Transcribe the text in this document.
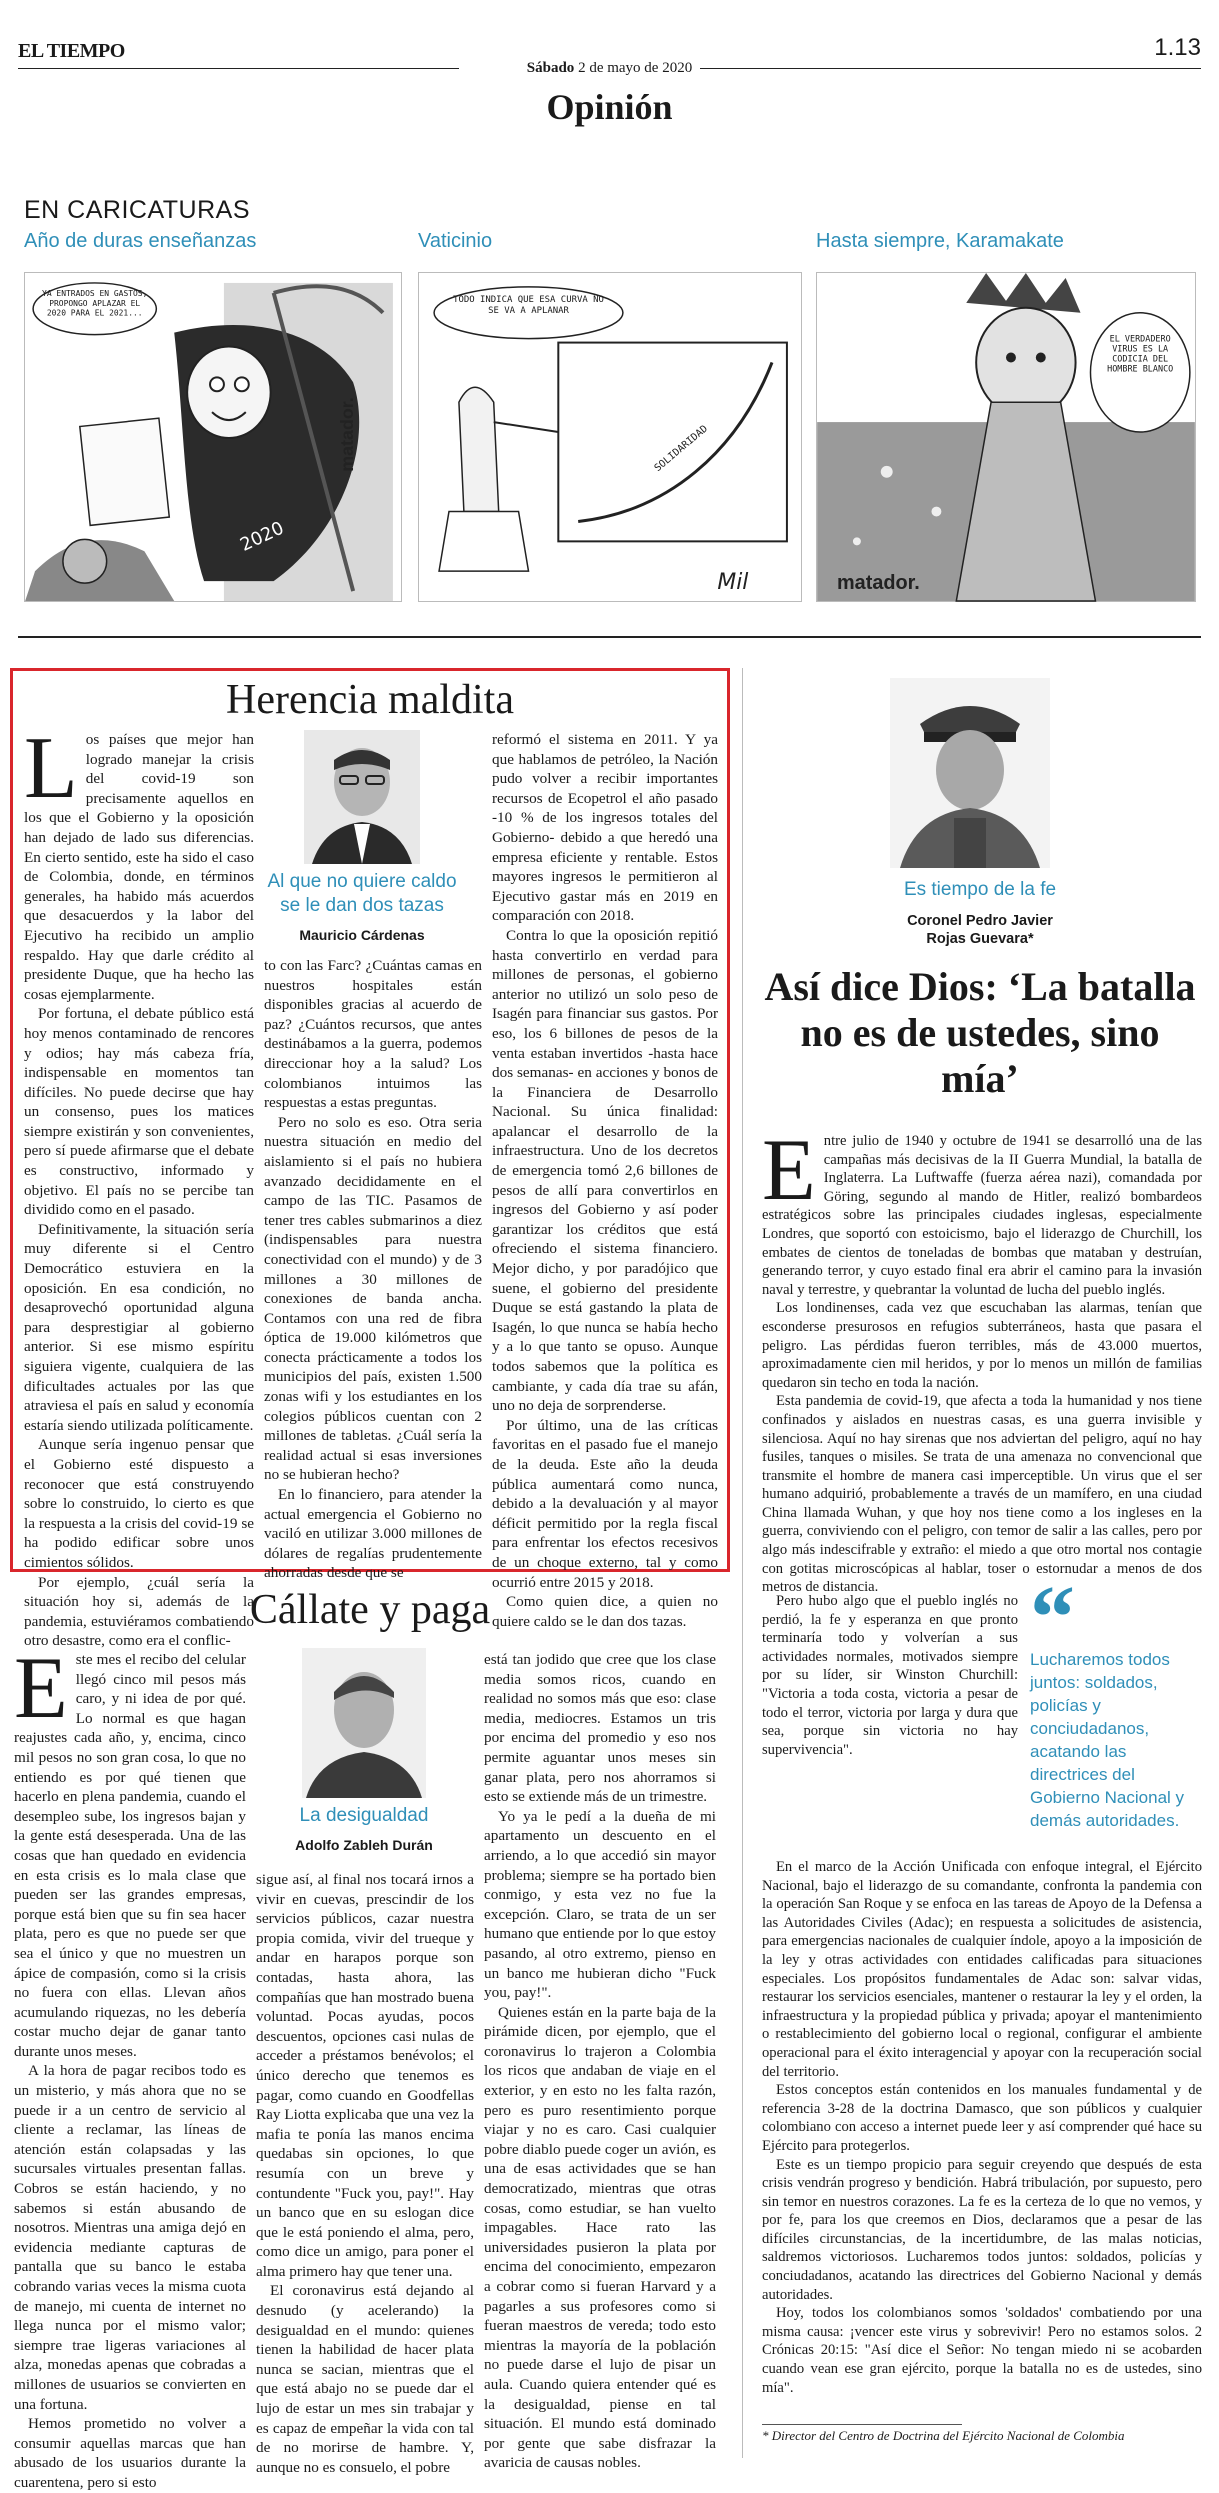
EL TIEMPO
Sábado 2 de mayo de 2020
1.13
Opinión
EN CARICATURAS
Año de duras enseñanzas	Vaticinio	Hasta siempre, Karamakate
YA ENTRADOS EN GASTOS, PROPONGO APLAZAR EL 2020 PARA EL 2021...
2020
matador.
TODO INDICA QUE ESA CURVA NO SE VA A APLANAR
SOLIDARIDAD
Mil
EL VERDADERO VIRUS ES LA CODICIA DEL HOMBRE BLANCO
matador.
Herencia maldita

Los países que mejor han logrado manejar la crisis del covid-19 son precisamente aquellos en los que el Gobierno y la oposición han dejado de lado sus diferencias. En cierto sentido, este ha sido el caso de Colombia, donde, en términos generales, ha habido más acuerdos que desacuerdos y la labor del Ejecutivo ha recibido un amplio respaldo. Hay que darle crédito al presidente Duque, que ha hecho las cosas ejemplarmente.

Por fortuna, el debate público está hoy menos contaminado de rencores y odios; hay más cabeza fría, indispensable en momentos tan difíciles. No puede decirse que hay un consenso, pues los matices siempre existirán y son convenientes, pero sí puede afirmarse que el debate es constructivo, informado y objetivo. El país no se percibe tan dividido como en el pasado.

Definitivamente, la situación sería muy diferente si el Centro Democrático estuviera en la oposición. En esa condición, no desaprovechó oportunidad alguna para desprestigiar al gobierno anterior. Si ese mismo espíritu siguiera vigente, cualquiera de las dificultades actuales por las que atraviesa el país en salud y economía estaría siendo utilizada políticamente.

Aunque sería ingenuo pensar que el Gobierno esté dispuesto a reconocer que está construyendo sobre lo construido, lo cierto es que la respuesta a la crisis del covid-19 se ha podido edificar sobre unos cimientos sólidos.

Por ejemplo, ¿cuál sería la situación hoy si, además de la pandemia, estuviéramos combatiendo otro desastre, como era el conflic-

Al que no quiere caldo se le dan dos tazas
Mauricio Cárdenas

to con las Farc? ¿Cuántas camas en nuestros hospitales están disponibles gracias al acuerdo de paz? ¿Cuántos recursos, que antes destinábamos a la guerra, podemos direccionar hoy a la salud? Los colombianos intuimos las respuestas a estas preguntas.

Pero no solo es eso. Otra seria nuestra situación en medio del aislamiento si el país no hubiera avanzado decididamente en el campo de las TIC. Pasamos de tener tres cables submarinos a diez (indispensables para nuestra conectividad con el mundo) y de 3 millones a 30 millones de conexiones de banda ancha. Contamos con una red de fibra óptica de 19.000 kilómetros que conecta prácticamente a todos los municipios del país, existen 1.500 zonas wifi y los estudiantes en los colegios públicos cuentan con 2 millones de tabletas. ¿Cuál sería la realidad actual si esas inversiones no se hubieran hecho?

En lo financiero, para atender la actual emergencia el Gobierno no vaciló en utilizar 3.000 millones de dólares de regalías prudentemente ahorradas desde que se

reformó el sistema en 2011. Y ya que hablamos de petróleo, la Nación pudo volver a recibir importantes recursos de Ecopetrol el año pasado -10 % de los ingresos totales del Gobierno- debido a que heredó una empresa eficiente y rentable. Estos mayores ingresos le permitieron al Ejecutivo gastar más en 2019 en comparación con 2018.

Contra lo que la oposición repitió hasta convertirlo en verdad para millones de personas, el gobierno anterior no utilizó un solo peso de Isagén para financiar sus gastos. Por eso, los 6 billones de pesos de la venta estaban invertidos -hasta hace dos semanas- en acciones y bonos de la Financiera de Desarrollo Nacional. Su única finalidad: apalancar el desarrollo de la infraestructura. Uno de los decretos de emergencia tomó 2,6 billones de pesos de allí para convertirlos en ingresos del Gobierno y así poder garantizar los créditos que está ofreciendo el sistema financiero. Mejor dicho, y por paradójico que suene, el gobierno del presidente Duque se está gastando la plata de Isagén, lo que nunca se había hecho y a lo que tanto se opuso. Aunque todos sabemos que la política es cambiante, y cada día trae su afán, uno no deja de sorprenderse.

Por último, una de las críticas favoritas en el pasado fue el manejo de la deuda. Este año la deuda pública aumentará como nunca, debido a la devaluación y al mayor déficit permitido por la regla fiscal para enfrentar los efectos recesivos de un choque externo, tal y como ocurrió entre 2015 y 2018.

Como quien dice, a quien no quiere caldo se le dan dos tazas.

Cállate y paga

Este mes el recibo del celular llegó cinco mil pesos más caro, y ni idea de por qué. Lo normal es que hagan reajustes cada año, y, encima, cinco mil pesos no son gran cosa, lo que no entiendo es por qué tienen que hacerlo en plena pandemia, cuando el desempleo sube, los ingresos bajan y la gente está desesperada. Una de las cosas que han quedado en evidencia en esta crisis es lo mala clase que pueden ser las grandes empresas, porque está bien que su fin sea hacer plata, pero es que no puede ser que sea el único y que no muestren un ápice de compasión, como si la crisis no fuera con ellas. Llevan años acumulando riquezas, no les debería costar mucho dejar de ganar tanto durante unos meses.

A la hora de pagar recibos todo es un misterio, y más ahora que no se puede ir a un centro de servicio al cliente a reclamar, las líneas de atención están colapsadas y las sucursales virtuales presentan fallas. Cobros se están haciendo, y no sabemos si están abusando de nosotros. Mientras una amiga dejó en evidencia mediante capturas de pantalla que su banco le estaba cobrando varias veces la misma cuota de manejo, mi cuenta de internet no llega nunca por el mismo valor; siempre trae ligeras variaciones al alza, monedas apenas que cobradas a millones de usuarios se convierten en una fortuna.

Hemos prometido no volver a consumir aquellas marcas que han abusado de los usuarios durante la cuarentena, pero si esto

La desigualdad
Adolfo Zableh Durán

sigue así, al final nos tocará irnos a vivir en cuevas, prescindir de los servicios públicos, cazar nuestra propia comida, vivir del trueque y andar en harapos porque son contadas, hasta ahora, las compañías que han mostrado buena voluntad. Pocas ayudas, pocos descuentos, opciones casi nulas de acceder a préstamos benévolos; el único derecho que tenemos es pagar, como cuando en Goodfellas Ray Liotta explicaba que una vez la mafia te ponía las manos encima quedabas sin opciones, lo que resumía con un breve y contundente "Fuck you, pay!". Hay un banco que en su eslogan dice que le está poniendo el alma, pero, como dice un amigo, para poner el alma primero hay que tener una.

El coronavirus está dejando al desnudo (y acelerando) la desigualdad en el mundo: quienes tienen la habilidad de hacer plata nunca se sacian, mientras que el que está abajo no se puede dar el lujo de estar un mes sin trabajar y es capaz de empeñar la vida con tal de no morirse de hambre. Y, aunque no es consuelo, el pobre

está tan jodido que cree que los clase media somos ricos, cuando en realidad no somos más que eso: clase media, mediocres. Estamos un tris por encima del promedio y eso nos permite aguantar unos meses sin ganar plata, pero nos ahorramos si esto se extiende más de un trimestre.

Yo ya le pedí a la dueña de mi apartamento un descuento en el arriendo, a lo que accedió sin mayor problema; siempre se ha portado bien conmigo, y esta vez no fue la excepción. Claro, se trata de un ser humano que entiende por lo que estoy pasando, al otro extremo, pienso en un banco me hubieran dicho "Fuck you, pay!".

Quienes están en la parte baja de la pirámide dicen, por ejemplo, que el coronavirus lo trajeron a Colombia los ricos que andaban de viaje en el exterior, y en esto no les falta razón, pero es puro resentimiento porque viajar y no es caro. Casi cualquier pobre diablo puede coger un avión, es una de esas actividades que se han democratizado, mientras que otras cosas, como estudiar, se han vuelto impagables. Hace rato las universidades pusieron la plata por encima del conocimiento, empezaron a cobrar como si fueran Harvard y a pagarles a sus profesores como si fueran maestros de vereda; todo esto mientras la mayoría de la población no puede darse el lujo de pisar un aula. Cuando quiera entender qué es la desigualdad, piense en tal situación. El mundo está dominado por gente que sabe disfrazar la avaricia de causas nobles.

Es tiempo de la fe
Coronel Pedro Javier Rojas Guevara*
Así dice Dios: ‘La batalla no es de ustedes, sino mía’

Entre julio de 1940 y octubre de 1941 se desarrolló una de las campañas más decisivas de la II Guerra Mundial, la batalla de Inglaterra. La Luftwaffe (fuerza aérea nazi), comandada por Göring, segundo al mando de Hitler, realizó bombardeos estratégicos sobre las principales ciudades inglesas, especialmente Londres, que soportó con estoicismo, bajo el liderazgo de Churchill, los embates de cientos de toneladas de bombas que mataban y destruían, generando terror, y cuyo estado final era abrir el camino para la invasión naval y terrestre, y quebrantar la voluntad de lucha del pueblo inglés.

Los londinenses, cada vez que escuchaban las alarmas, tenían que esconderse presurosos en refugios subterráneos, hasta que pasara el peligro. Las pérdidas fueron terribles, más de 43.000 muertos, aproximadamente cien mil heridos, y por lo menos un millón de familias quedaron sin techo en toda la nación.

Esta pandemia de covid-19, que afecta a toda la humanidad y nos tiene confinados y aislados en nuestras casas, es una guerra invisible y silenciosa. Aquí no hay sirenas que nos adviertan del peligro, aquí no hay fusiles, tanques o misiles. Se trata de una amenaza no convencional que transmite el hombre de manera casi imperceptible. Un virus que el ser humano adquirió, probablemente a través de un mamífero, en una ciudad China llamada Wuhan, y que hoy nos tiene como a los ingleses en la guerra, conviviendo con el peligro, con temor de salir a las calles, pero por algo más indescifrable y extraño: el miedo a que otro mortal nos contagie con gotitas microscópicas al hablar, toser o estornudar a menos de dos metros de distancia.

Pero hubo algo que el pueblo inglés no perdió, la fe y esperanza en que pronto terminaría todo y volverían a sus actividades normales, motivados siempre por su líder, sir Winston Churchill: "Victoria a toda costa, victoria a pesar de todo el terror, victoria por larga y dura que sea, porque sin victoria no hay supervivencia".

“
Lucharemos todos juntos: soldados, policías y conciudadanos, acatando las directrices del Gobierno Nacional y demás autoridades.

En el marco de la Acción Unificada con enfoque integral, el Ejército Nacional, bajo el liderazgo de su comandante, confronta la pandemia con la operación San Roque y se enfoca en las tareas de Apoyo de la Defensa a las Autoridades Civiles (Adac); en respuesta a solicitudes de asistencia, para emergencias nacionales de cualquier índole, apoyo a la imposición de la ley y otras actividades con entidades calificadas para situaciones especiales. Los propósitos fundamentales de Adac son: salvar vidas, restaurar los servicios esenciales, mantener o restaurar la ley y el orden, la infraestructura y la propiedad pública y privada; apoyar el mantenimiento o restablecimiento del gobierno local o regional, configurar el ambiente operacional para el éxito interagencial y apoyar con la recuperación social del territorio.

Estos conceptos están contenidos en los manuales fundamental y de referencia 3-28 de la doctrina Damasco, que son públicos y cualquier colombiano con acceso a internet puede leer y así comprender qué hace su Ejército para protegerlos.

Este es un tiempo propicio para seguir creyendo que después de esta crisis vendrán progreso y bendición. Habrá tribulación, por supuesto, pero sin temor en nuestros corazones. La fe es la certeza de lo que no vemos, y por fe, para los que creemos en Dios, declaramos que a pesar de las difíciles circunstancias, de la incertidumbre, de las malas noticias, saldremos victoriosos. Lucharemos todos juntos: soldados, policías y conciudadanos, acatando las directrices del Gobierno Nacional y demás autoridades.

Hoy, todos los colombianos somos 'soldados' combatiendo por una misma causa: ¡vencer este virus y sobrevivir! Pero no estamos solos. 2 Crónicas 20:15: "Así dice el Señor: No tengan miedo ni se acobarden cuando vean ese gran ejército, porque la batalla no es de ustedes, sino mía".

* Director del Centro de Doctrina del Ejército Nacional de Colombia
